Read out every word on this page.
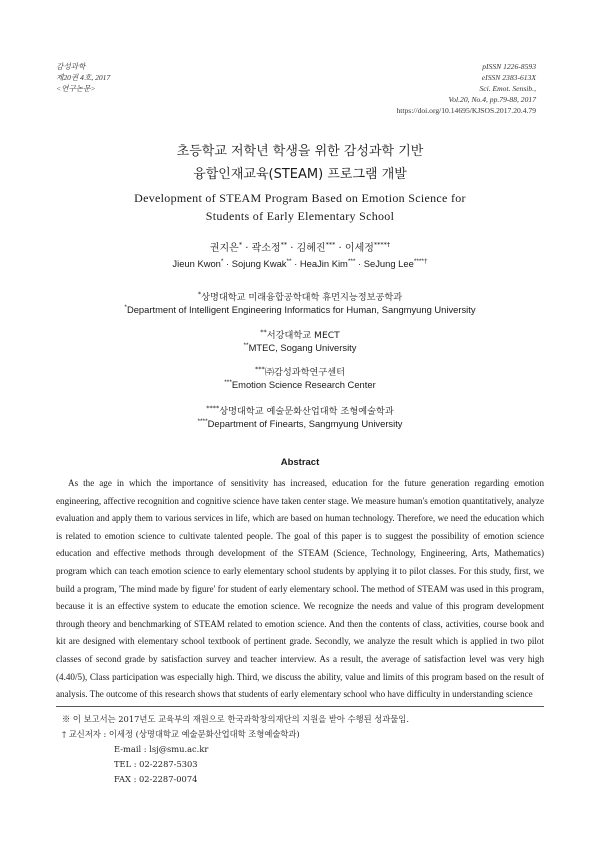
감성과학
제20권 4호, 2017
<연구논문>
pISSN 1226-8593
eISSN 2383-613X
Sci. Emot. Sensib.,
Vol.20, No.4, pp.79-88, 2017
https://doi.org/10.14695/KJSOS.2017.20.4.79
초등학교 저학년 학생을 위한 감성과학 기반
융합인재교육(STEAM) 프로그램 개발
Development of STEAM Program Based on Emotion Science for
Students of Early Elementary School
권지은* · 곽소정** · 김혜진*** · 이세정****†
Jieun Kwon* · Sojung Kwak** · HeaJin Kim*** · SeJung Lee****†
*상명대학교 미래융합공학대학 휴먼지능정보공학과
*Department of Intelligent Engineering Informatics for Human, Sangmyung University
**서강대학교 MECT
**MTEC, Sogang University
***㈜감성과학연구센터
***Emotion Science Research Center
****상명대학교 예술문화산업대학 조형예술학과
****Department of Finearts, Sangmyung University
Abstract
As the age in which the importance of sensitivity has increased, education for the future generation regarding emotion engineering, affective recognition and cognitive science have taken center stage. We measure human's emotion quantitatively, analyze evaluation and apply them to various services in life, which are based on human technology. Therefore, we need the education which is related to emotion science to cultivate talented people. The goal of this paper is to suggest the possibility of emotion science education and effective methods through development of the STEAM (Science, Technology, Engineering, Arts, Mathematics) program which can teach emotion science to early elementary school students by applying it to pilot classes. For this study, first, we build a program, 'The mind made by figure' for student of early elementary school. The method of STEAM was used in this program, because it is an effective system to educate the emotion science. We recognize the needs and value of this program development through theory and benchmarking of STEAM related to emotion science. And then the contents of class, activities, course book and kit are designed with elementary school textbook of pertinent grade. Secondly, we analyze the result which is applied in two pilot classes of second grade by satisfaction survey and teacher interview. As a result, the average of satisfaction level was very high (4.40/5), Class participation was especially high. Third, we discuss the ability, value and limits of this program based on the result of analysis. The outcome of this research shows that students of early elementary school who have difficulty in understanding science
※ 이 보고서는 2017년도 교육부의 재원으로 한국과학창의재단의 지원을 받아 수행된 성과물임.
† 교신저자 : 이세정 (상명대학교 예술문화산업대학 조형예술학과)
E-mail : lsj@smu.ac.kr
TEL : 02-2287-5303
FAX : 02-2287-0074
